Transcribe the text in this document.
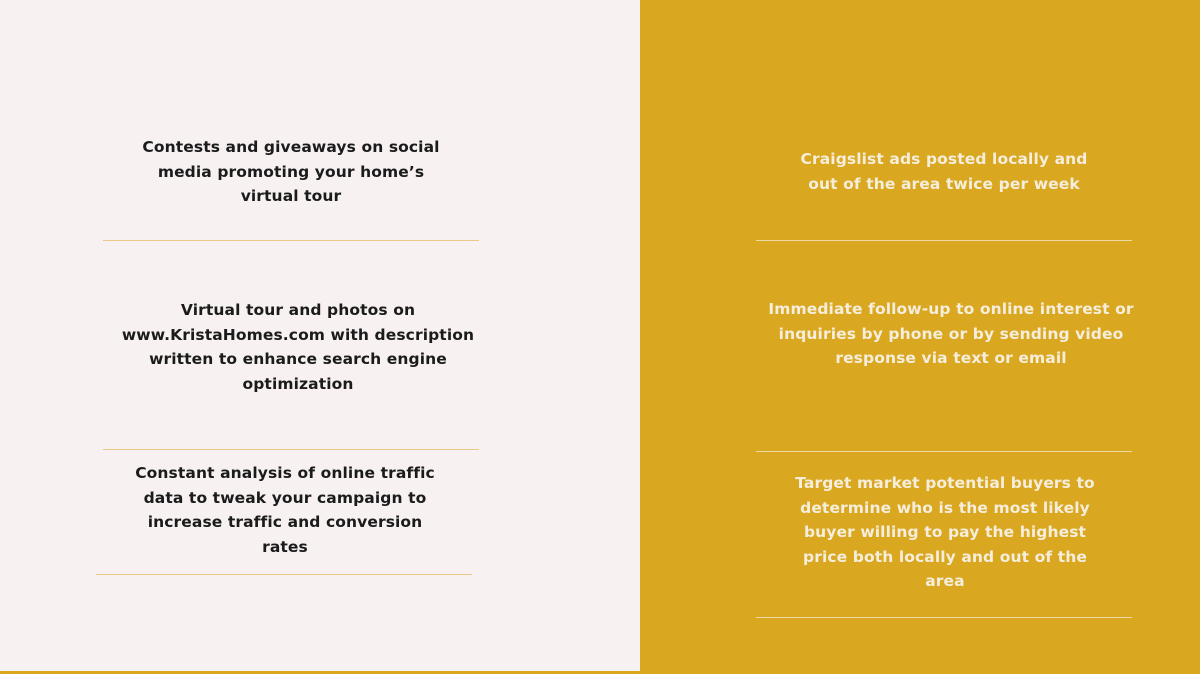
Contests and giveaways on social media promoting your home’s virtual tour
Virtual tour and photos on www.KristaHomes.com with description written to enhance search engine optimization
Constant analysis of online traffic data to tweak your campaign to increase traffic and conversion rates
Craigslist ads posted locally and out of the area twice per week
Immediate follow-up to online interest or inquiries by phone or by sending video response via text or email
Target market potential buyers to determine who is the most likely buyer willing to pay the highest price both locally and out of the area
